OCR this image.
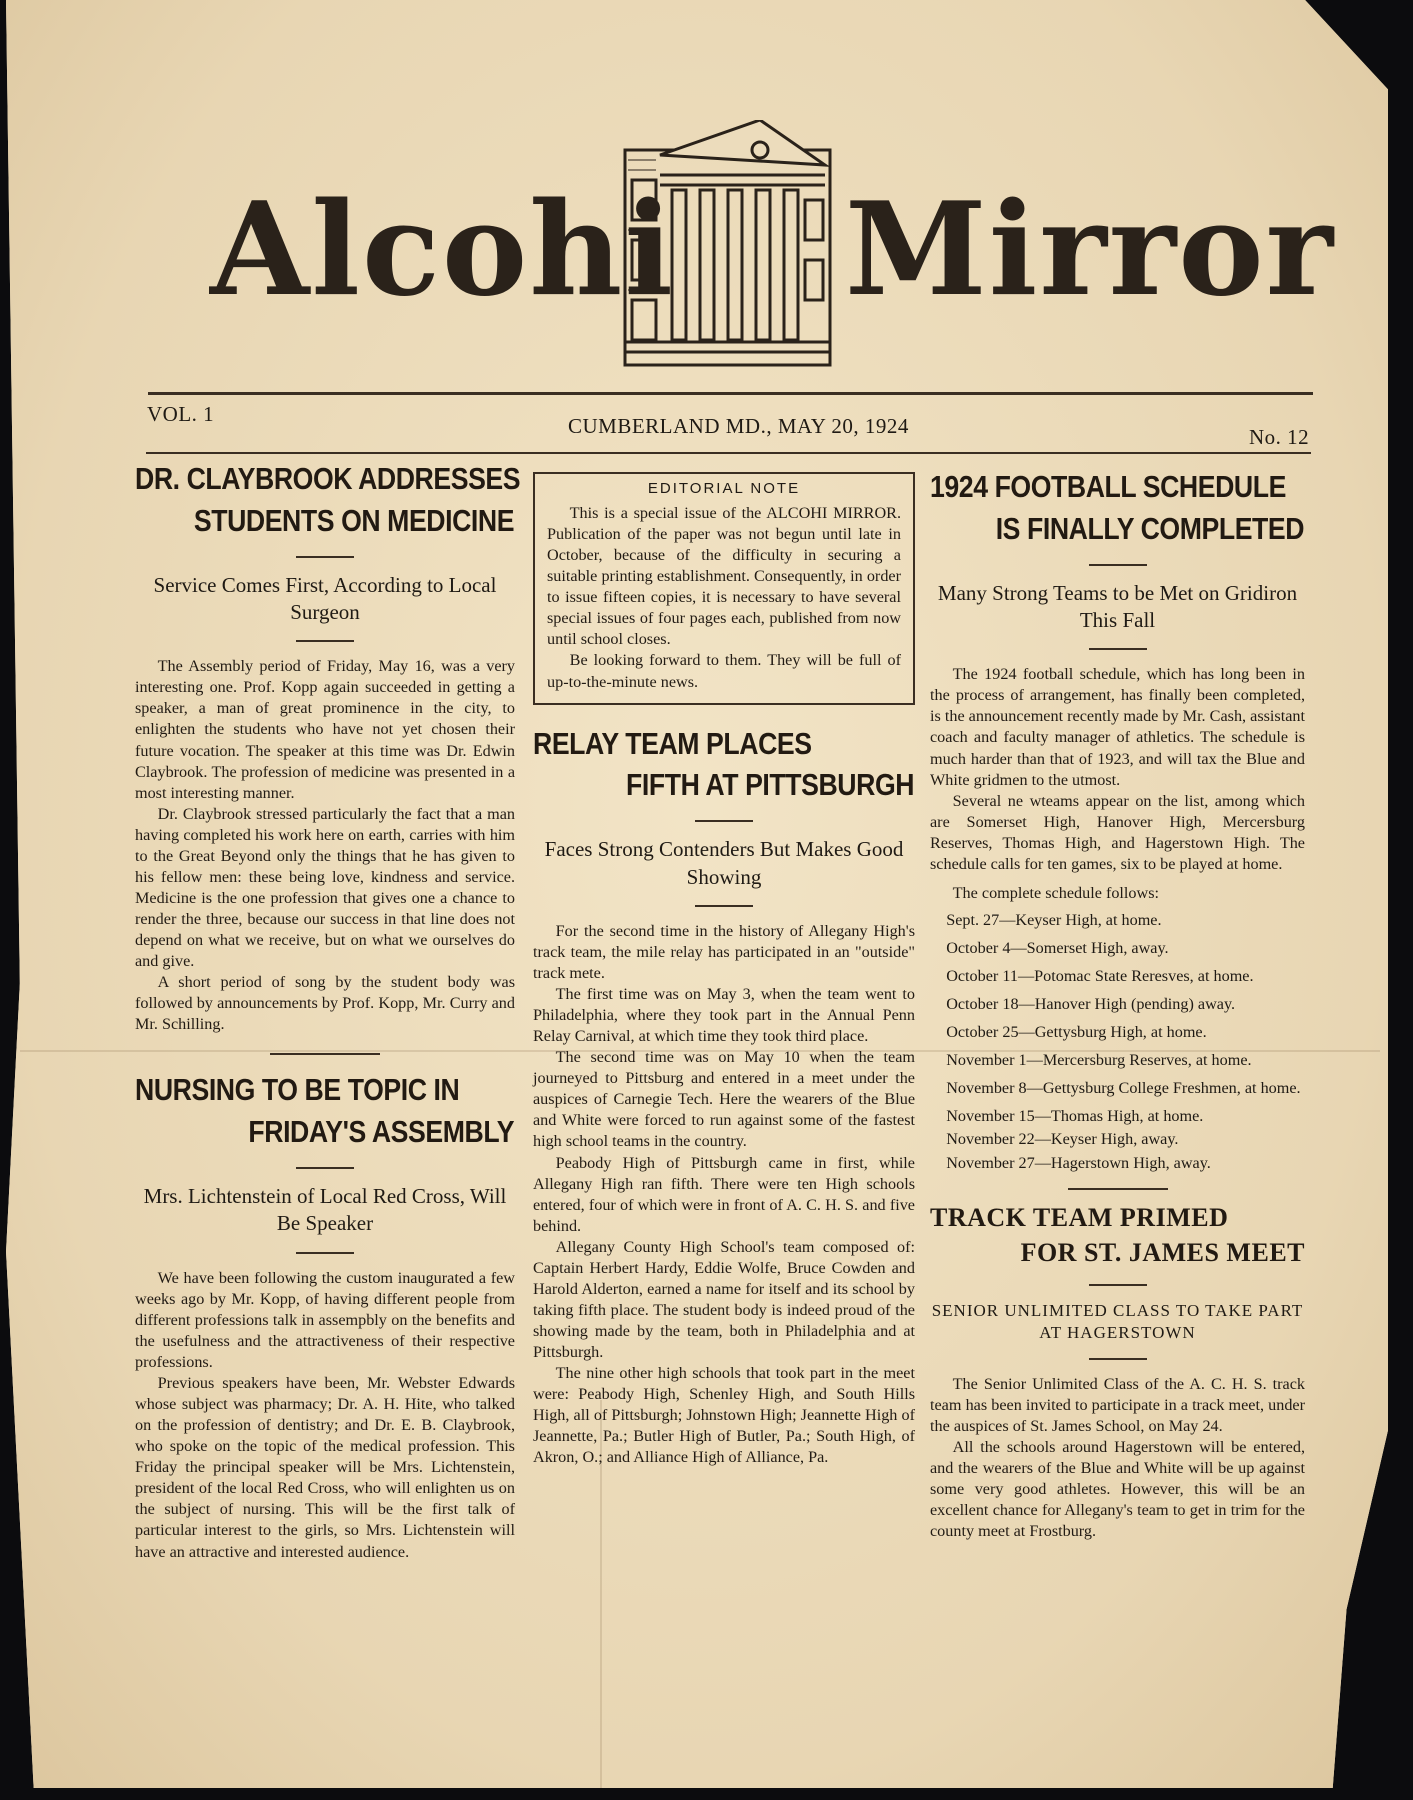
Alcohi Mirror
VOL. 1	CUMBERLAND MD., MAY 20, 1924	No. 12
DR. CLAYBROOK ADDRESSES
STUDENTS ON MEDICINE

Service Comes First, According to Local Surgeon

The Assembly period of Friday, May 16, was a very interesting one. Prof. Kopp again succeeded in getting a speaker, a man of great prominence in the city, to enlighten the students who have not yet chosen their future vocation. The speaker at this time was Dr. Edwin Claybrook. The profession of medicine was presented in a most interesting manner.

Dr. Claybrook stressed particularly the fact that a man having completed his work here on earth, carries with him to the Great Beyond only the things that he has given to his fellow men: these being love, kindness and service. Medicine is the one profession that gives one a chance to render the three, because our success in that line does not depend on what we receive, but on what we ourselves do and give.

A short period of song by the student body was followed by announcements by Prof. Kopp, Mr. Curry and Mr. Schilling.

NURSING TO BE TOPIC IN
FRIDAY'S ASSEMBLY

Mrs. Lichtenstein of Local Red Cross, Will Be Speaker

We have been following the custom inaugurated a few weeks ago by Mr. Kopp, of having different people from different professions talk in assempbly on the benefits and the usefulness and the attractiveness of their respective professions.

Previous speakers have been, Mr. Webster Edwards whose subject was pharmacy; Dr. A. H. Hite, who talked on the profession of dentistry; and Dr. E. B. Claybrook, who spoke on the topic of the medical profession. This Friday the principal speaker will be Mrs. Lichtenstein, president of the local Red Cross, who will enlighten us on the subject of nursing. This will be the first talk of particular interest to the girls, so Mrs. Lichtenstein will have an attractive and interested audience.

EDITORIAL NOTE

This is a special issue of the ALCOHI MIRROR. Publication of the paper was not begun until late in October, because of the difficulty in securing a suitable printing establishment. Consequently, in order to issue fifteen copies, it is necessary to have several special issues of four pages each, published from now until school closes.

Be looking forward to them. They will be full of up-to-the-minute news.

RELAY TEAM PLACES
FIFTH AT PITTSBURGH

Faces Strong Contenders But Makes Good Showing

For the second time in the history of Allegany High's track team, the mile relay has participated in an "outside" track mete.

The first time was on May 3, when the team went to Philadelphia, where they took part in the Annual Penn Relay Carnival, at which time they took third place.

The second time was on May 10 when the team journeyed to Pittsburg and entered in a meet under the auspices of Carnegie Tech. Here the wearers of the Blue and White were forced to run against some of the fastest high school teams in the country.

Peabody High of Pittsburgh came in first, while Allegany High ran fifth. There were ten High schools entered, four of which were in front of A. C. H. S. and five behind.

Allegany County High School's team composed of: Captain Herbert Hardy, Eddie Wolfe, Bruce Cowden and Harold Alderton, earned a name for itself and its school by taking fifth place. The student body is indeed proud of the showing made by the team, both in Philadelphia and at Pittsburgh.

The nine other high schools that took part in the meet were: Peabody High, Schenley High, and South Hills High, all of Pittsburgh; Johnstown High; Jeannette High of Jeannette, Pa.; Butler High of Butler, Pa.; South High, of Akron, O.; and Alliance High of Alliance, Pa.

1924 FOOTBALL SCHEDULE
IS FINALLY COMPLETED

Many Strong Teams to be Met on Gridiron This Fall

The 1924 football schedule, which has long been in the process of arrangement, has finally been completed, is the announcement recently made by Mr. Cash, assistant coach and faculty manager of athletics. The schedule is much harder than that of 1923, and will tax the Blue and White gridmen to the utmost.

Several ne wteams appear on the list, among which are Somerset High, Hanover High, Mercersburg Reserves, Thomas High, and Hagerstown High. The schedule calls for ten games, six to be played at home.

The complete schedule follows:

Sept. 27—Keyser High, at home.

October 4—Somerset High, away.

October 11—Potomac State Reresves, at home.

October 18—Hanover High (pending) away.

October 25—Gettysburg High, at home.

November 1—Mercersburg Reserves, at home.

November 8—Gettysburg College Freshmen, at home.

November 15—Thomas High, at home.

November 22—Keyser High, away.

November 27—Hagerstown High, away.

TRACK TEAM PRIMED
FOR ST. JAMES MEET

SENIOR UNLIMITED CLASS TO TAKE PART AT HAGERSTOWN

The Senior Unlimited Class of the A. C. H. S. track team has been invited to participate in a track meet, under the auspices of St. James School, on May 24.

All the schools around Hagerstown will be entered, and the wearers of the Blue and White will be up against some very good athletes. However, this will be an excellent chance for Allegany's team to get in trim for the county meet at Frostburg.
